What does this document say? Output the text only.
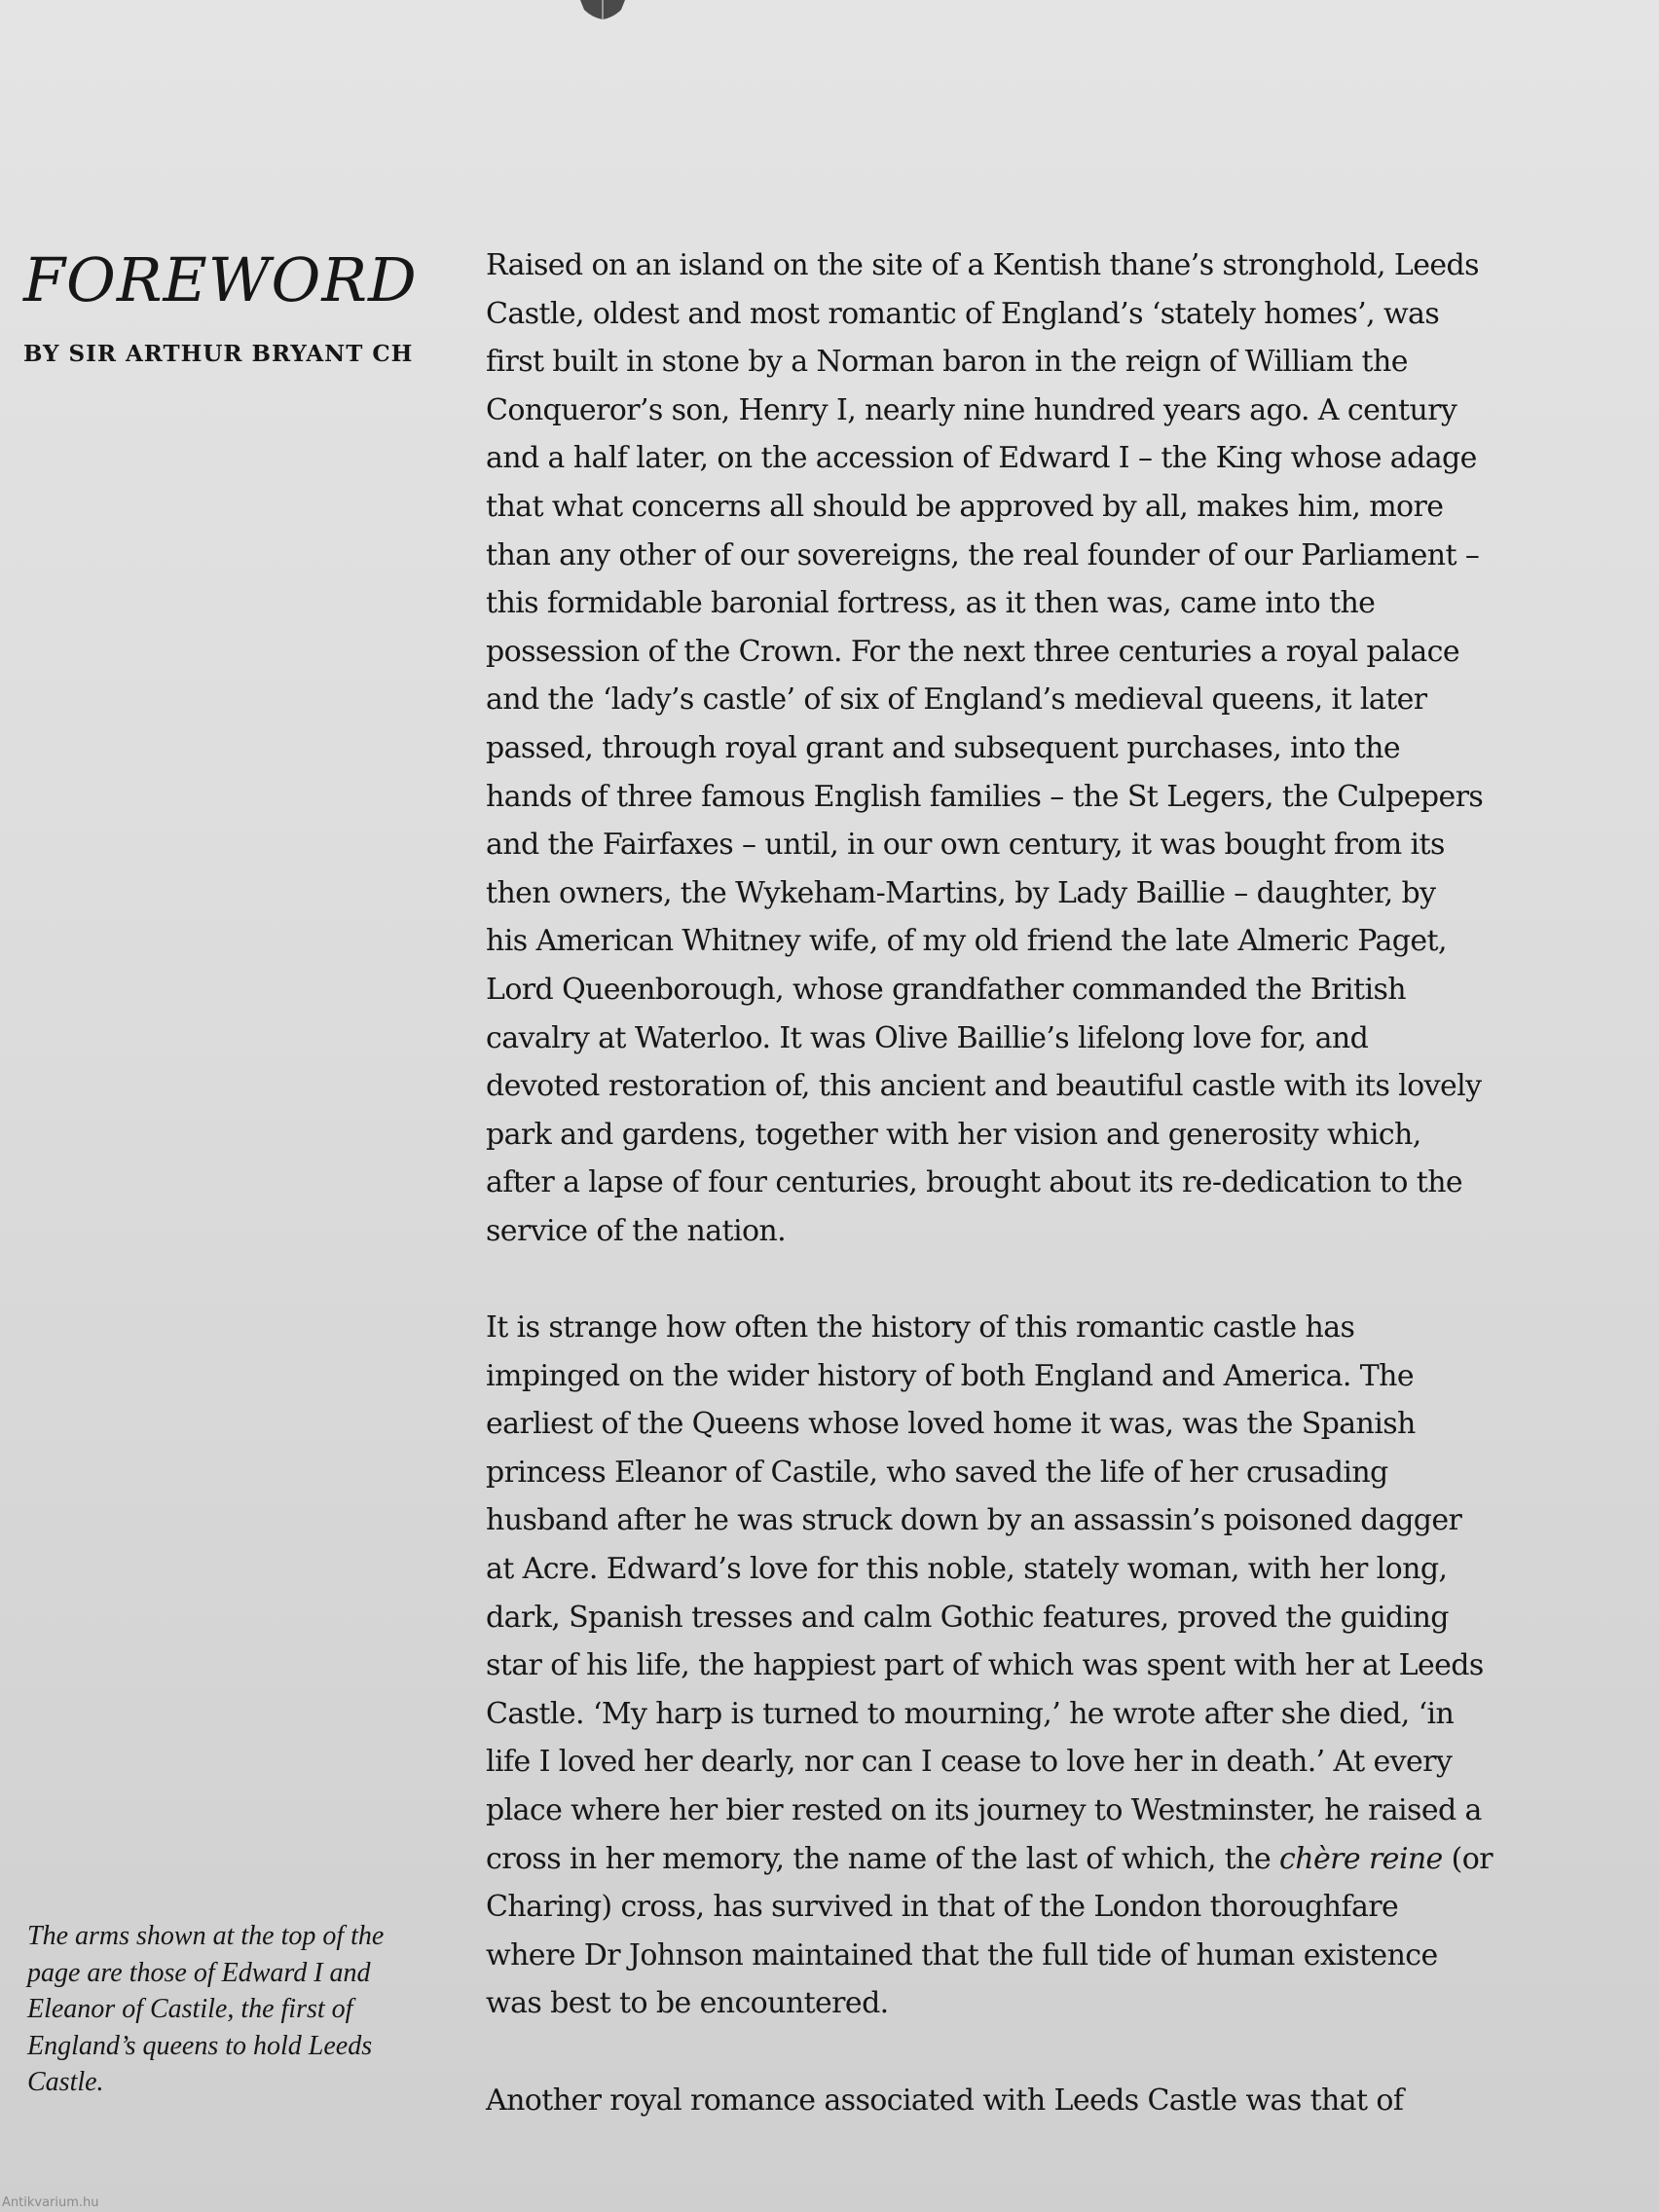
FOREWORD
BY SIR ARTHUR BRYANT CH
The arms shown at the top of the
page are those of Edward I and
Eleanor of Castile, the first of
England’s queens to hold Leeds
Castle.
Raised on an island on the site of a Kentish thane’s stronghold, Leeds
Castle, oldest and most romantic of England’s ‘stately homes’, was
first built in stone by a Norman baron in the reign of William the
Conqueror’s son, Henry I, nearly nine hundred years ago. A century
and a half later, on the accession of Edward I – the King whose adage
that what concerns all should be approved by all, makes him, more
than any other of our sovereigns, the real founder of our Parliament –
this formidable baronial fortress, as it then was, came into the
possession of the Crown. For the next three centuries a royal palace
and the ‘lady’s castle’ of six of England’s medieval queens, it later
passed, through royal grant and subsequent purchases, into the
hands of three famous English families – the St Legers, the Culpepers
and the Fairfaxes – until, in our own century, it was bought from its
then owners, the Wykeham-Martins, by Lady Baillie – daughter, by
his American Whitney wife, of my old friend the late Almeric Paget,
Lord Queenborough, whose grandfather commanded the British
cavalry at Waterloo. It was Olive Baillie’s lifelong love for, and
devoted restoration of, this ancient and beautiful castle with its lovely
park and gardens, together with her vision and generosity which,
after a lapse of four centuries, brought about its re-dedication to the
service of the nation.
It is strange how often the history of this romantic castle has
impinged on the wider history of both England and America. The
earliest of the Queens whose loved home it was, was the Spanish
princess Eleanor of Castile, who saved the life of her crusading
husband after he was struck down by an assassin’s poisoned dagger
at Acre. Edward’s love for this noble, stately woman, with her long,
dark, Spanish tresses and calm Gothic features, proved the guiding
star of his life, the happiest part of which was spent with her at Leeds
Castle. ‘My harp is turned to mourning,’ he wrote after she died, ‘in
life I loved her dearly, nor can I cease to love her in death.’ At every
place where her bier rested on its journey to Westminster, he raised a
cross in her memory, the name of the last of which, the chère reine (or
Charing) cross, has survived in that of the London thoroughfare
where Dr Johnson maintained that the full tide of human existence
was best to be encountered.
Another royal romance associated with Leeds Castle was that of
Antikvarium.hu
